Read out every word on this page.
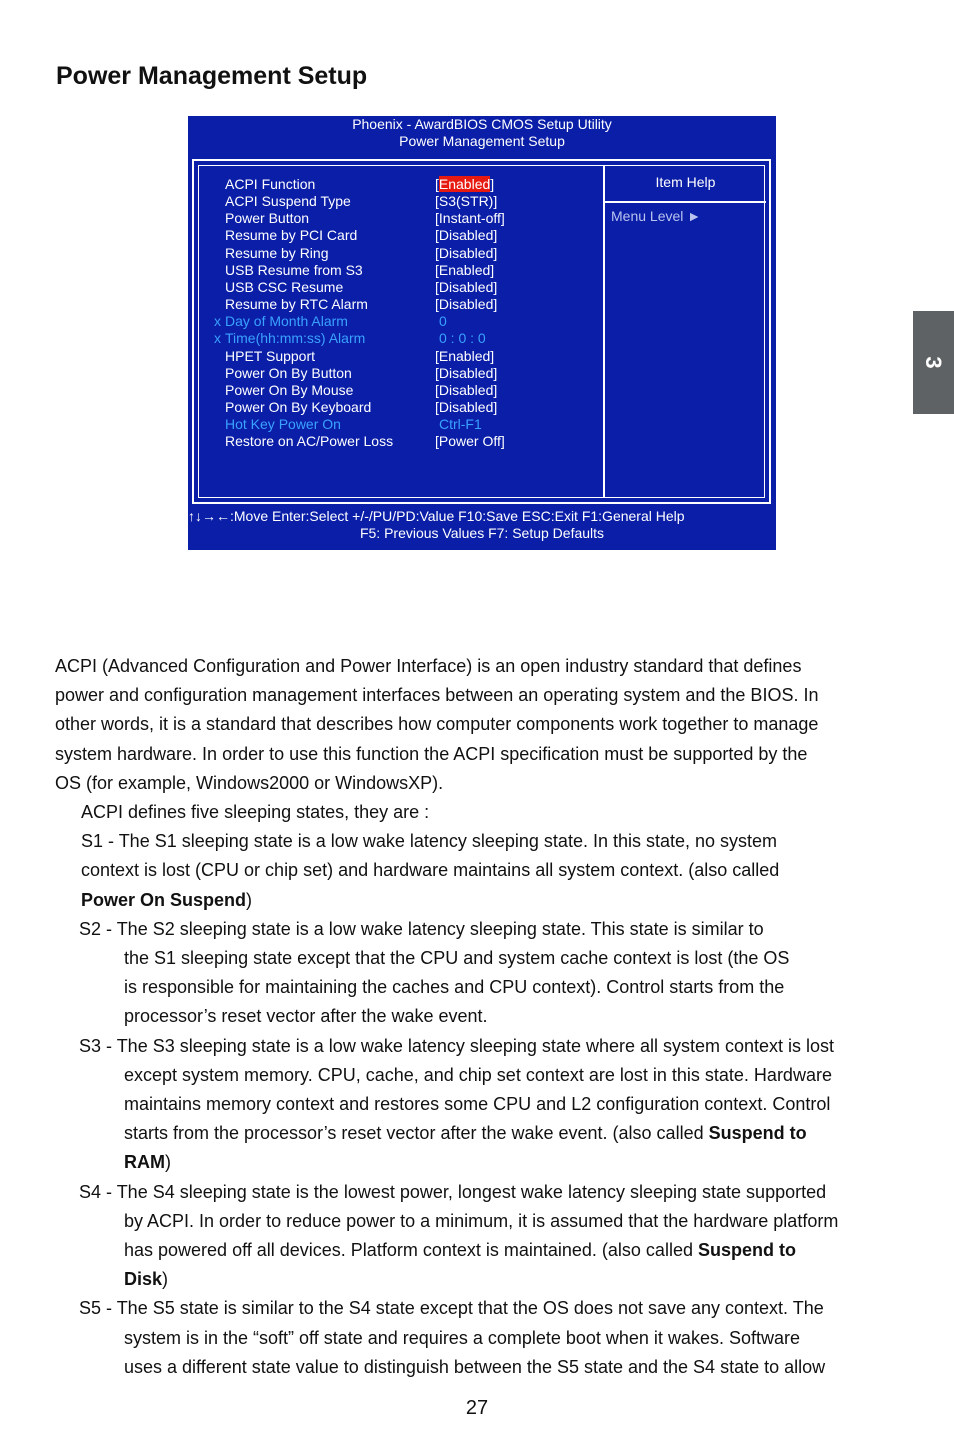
Power Management Setup
3
Phoenix - AwardBIOS CMOS Setup Utility
Power Management Setup
Item Help
Menu Level ►
ACPI Function	[Enabled]
ACPI Suspend Type	[S3(STR)]
Power Button	[Instant-off]
Resume by PCI Card	[Disabled]
Resume by Ring	[Disabled]
USB Resume from S3	[Enabled]
USB CSC Resume	[Disabled]
Resume by RTC Alarm	[Disabled]
x Day of Month Alarm	0
x Time(hh:mm:ss) Alarm	0 : 0 : 0
HPET Support	[Enabled]
Power On By Button	[Disabled]
Power On By Mouse	[Disabled]
Power On By Keyboard	[Disabled]
Hot Key Power On	Ctrl-F1
Restore on AC/Power Loss	[Power Off]
↑↓→←:Move Enter:Select +/-/PU/PD:Value F10:Save ESC:Exit F1:General Help
F5: Previous Values F7: Setup Defaults
ACPI (Advanced Configuration and Power Interface) is an open industry standard that defines
power and configuration management interfaces between an operating system and the BIOS. In
other words, it is a standard that describes how computer components work together to manage
system hardware. In order to use this function the ACPI specification must be supported by the
OS (for example, Windows2000 or WindowsXP).
ACPI defines five sleeping states, they are :
S1 - The S1 sleeping state is a low wake latency sleeping state. In this state, no system
context is lost (CPU or chip set) and hardware maintains all system context. (also called
Power On Suspend)
S2 - The S2 sleeping state is a low wake latency sleeping state. This state is similar to
the S1 sleeping state except that the CPU and system cache context is lost (the OS
is responsible for maintaining the caches and CPU context). Control starts from the
processor’s reset vector after the wake event.
S3 - The S3 sleeping state is a low wake latency sleeping state where all system context is lost
except system memory. CPU, cache, and chip set context are lost in this state. Hardware
maintains memory context and restores some CPU and L2 configuration context. Control
starts from the processor’s reset vector after the wake event. (also called Suspend to
RAM)
S4 - The S4 sleeping state is the lowest power, longest wake latency sleeping state supported
by ACPI. In order to reduce power to a minimum, it is assumed that the hardware platform
has powered off all devices. Platform context is maintained. (also called Suspend to
Disk)
S5 - The S5 state is similar to the S4 state except that the OS does not save any context. The
system is in the “soft” off state and requires a complete boot when it wakes. Software
uses a different state value to distinguish between the S5 state and the S4 state to allow
27
